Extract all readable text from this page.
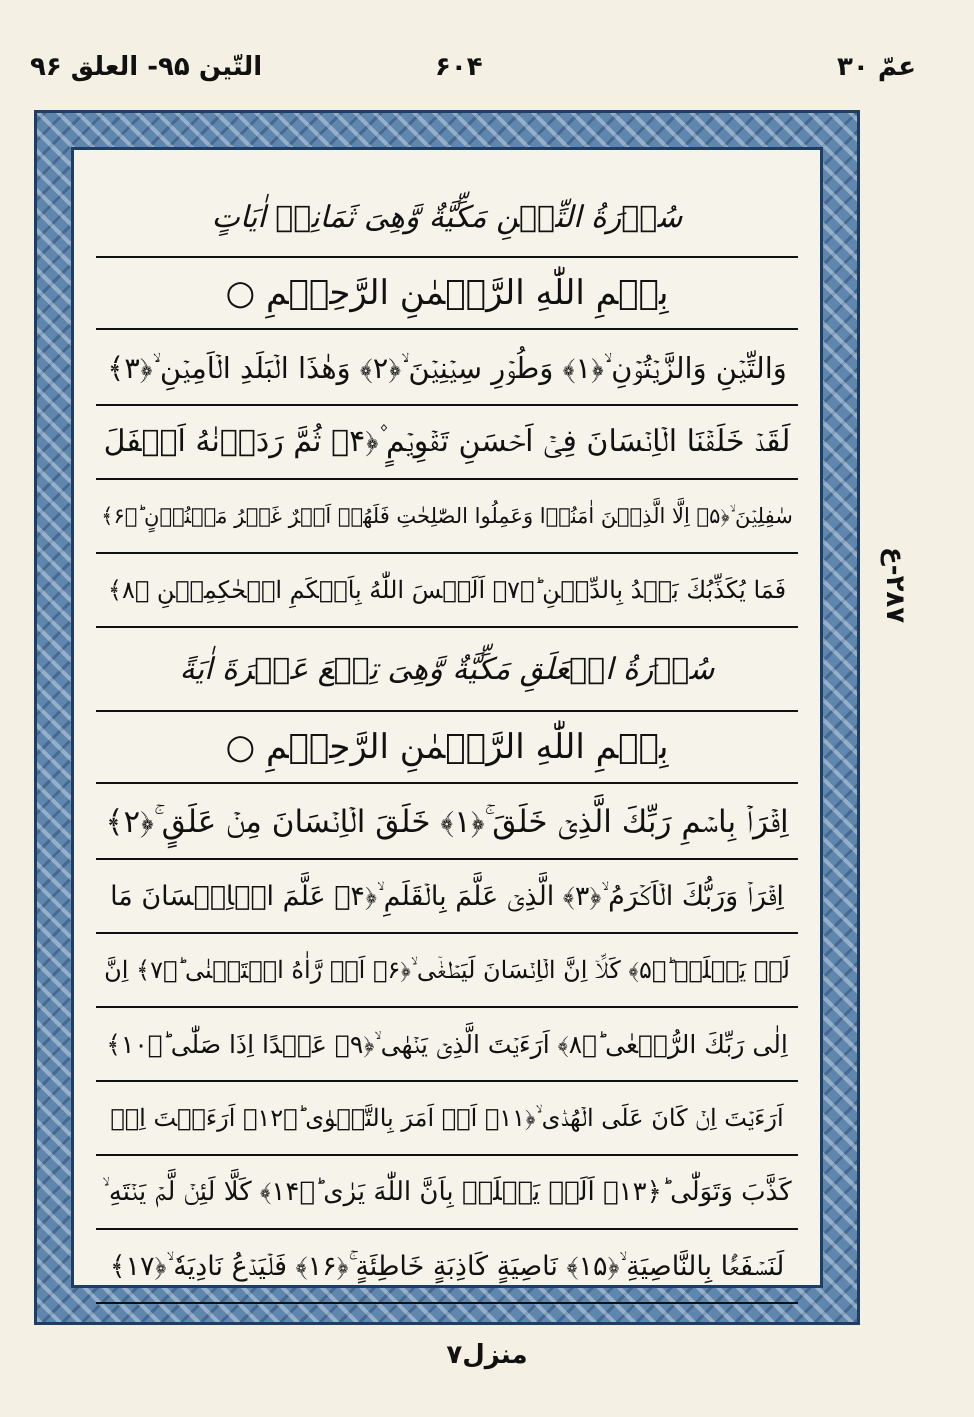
عمّ ۳۰
۶۰۴
التّين ۹۵- العلق ۹۶
۲۸۷-ع
سُوۡرَةُ التِّیۡنِ مَکِّیَّةٌ وَّهِیَ ثَمَانِیۡ اٰیَاتٍ
بِسۡمِ اللّٰهِ الرَّحۡمٰنِ الرَّحِیۡمِ ○
وَالتِّیۡنِ وَالزَّیۡتُوۡنِ ۙ﴿۱﴾ وَطُوۡرِ سِیۡنِیۡنَ ۙ﴿۲﴾ وَهٰذَا الۡبَلَدِ الۡاَمِیۡنِ ۙ﴿۳﴾
لَقَدۡ خَلَقۡنَا الۡاِنۡسَانَ فِیۡۤ اَحۡسَنِ تَقۡوِیۡمٍ ۫﴿۴﴾ ثُمَّ رَدَدۡنٰهُ اَسۡفَلَ
سٰفِلِیۡنَ ۙ﴿۵﴾ اِلَّا الَّذِیۡنَ اٰمَنُوۡا وَعَمِلُوا الصّٰلِحٰتِ فَلَهُمۡ اَجۡرٌ غَیۡرُ مَمۡنُوۡنٍ ؕ﴿۶﴾
فَمَا یُكَذِّبُكَ بَعۡدُ بِالدِّیۡنِ ؕ﴿۷﴾ اَلَیۡسَ اللّٰهُ بِاَحۡكَمِ الۡحٰكِمِیۡنِ ﴿۸﴾
سُوۡرَةُ الۡعَلَقِ مَکِّیَّةٌ وَّهِیَ تِسۡعَ عَشۡرَةَ اٰیَةً
بِسۡمِ اللّٰهِ الرَّحۡمٰنِ الرَّحِیۡمِ ○
اِقۡرَاۡ بِاسۡمِ رَبِّكَ الَّذِیۡ خَلَقَ ۚ﴿۱﴾ خَلَقَ الۡاِنۡسَانَ مِنۡ عَلَقٍ ۚ﴿۲﴾
اِقۡرَاۡ وَرَبُّكَ الۡاَكۡرَمُ ۙ﴿۳﴾ الَّذِیۡ عَلَّمَ بِالۡقَلَمِ ۙ﴿۴﴾ عَلَّمَ الۡاِنۡسَانَ مَا
لَمۡ یَعۡلَمۡ ؕ﴿۵﴾ كَلَّاۤ اِنَّ الۡاِنۡسَانَ لَیَطۡغٰۤی ۙ﴿۶﴾ اَنۡ رَّاٰهُ اسۡتَغۡنٰی ؕ﴿۷﴾ اِنَّ
اِلٰی رَبِّكَ الرُّجۡعٰی ؕ﴿۸﴾ اَرَءَیۡتَ الَّذِیۡ یَنۡهٰی ۙ﴿۹﴾ عَبۡدًا اِذَا صَلّٰی ؕ﴿۱۰﴾
اَرَءَیۡتَ اِنۡ كَانَ عَلَی الۡهُدٰۤی ۙ﴿۱۱﴾ اَوۡ اَمَرَ بِالتَّقۡوٰی ؕ﴿۱۲﴾ اَرَءَیۡتَ اِنۡ
كَذَّبَ وَتَوَلّٰی ؕ﴿۱۳﴾ اَلَمۡ یَعۡلَمۡ بِاَنَّ اللّٰهَ یَرٰی ؕ﴿۱۴﴾ كَلَّا لَئِنۡ لَّمۡ یَنۡتَهِ ۙ
لَنَسۡفَعًۢا بِالنَّاصِیَةِ ۙ﴿۱۵﴾ نَاصِیَةٍ كَاذِبَةٍ خَاطِئَةٍ ۚ﴿۱۶﴾ فَلۡیَدۡعُ نَادِیَهٗ ۙ﴿۱۷﴾
منزل۷
